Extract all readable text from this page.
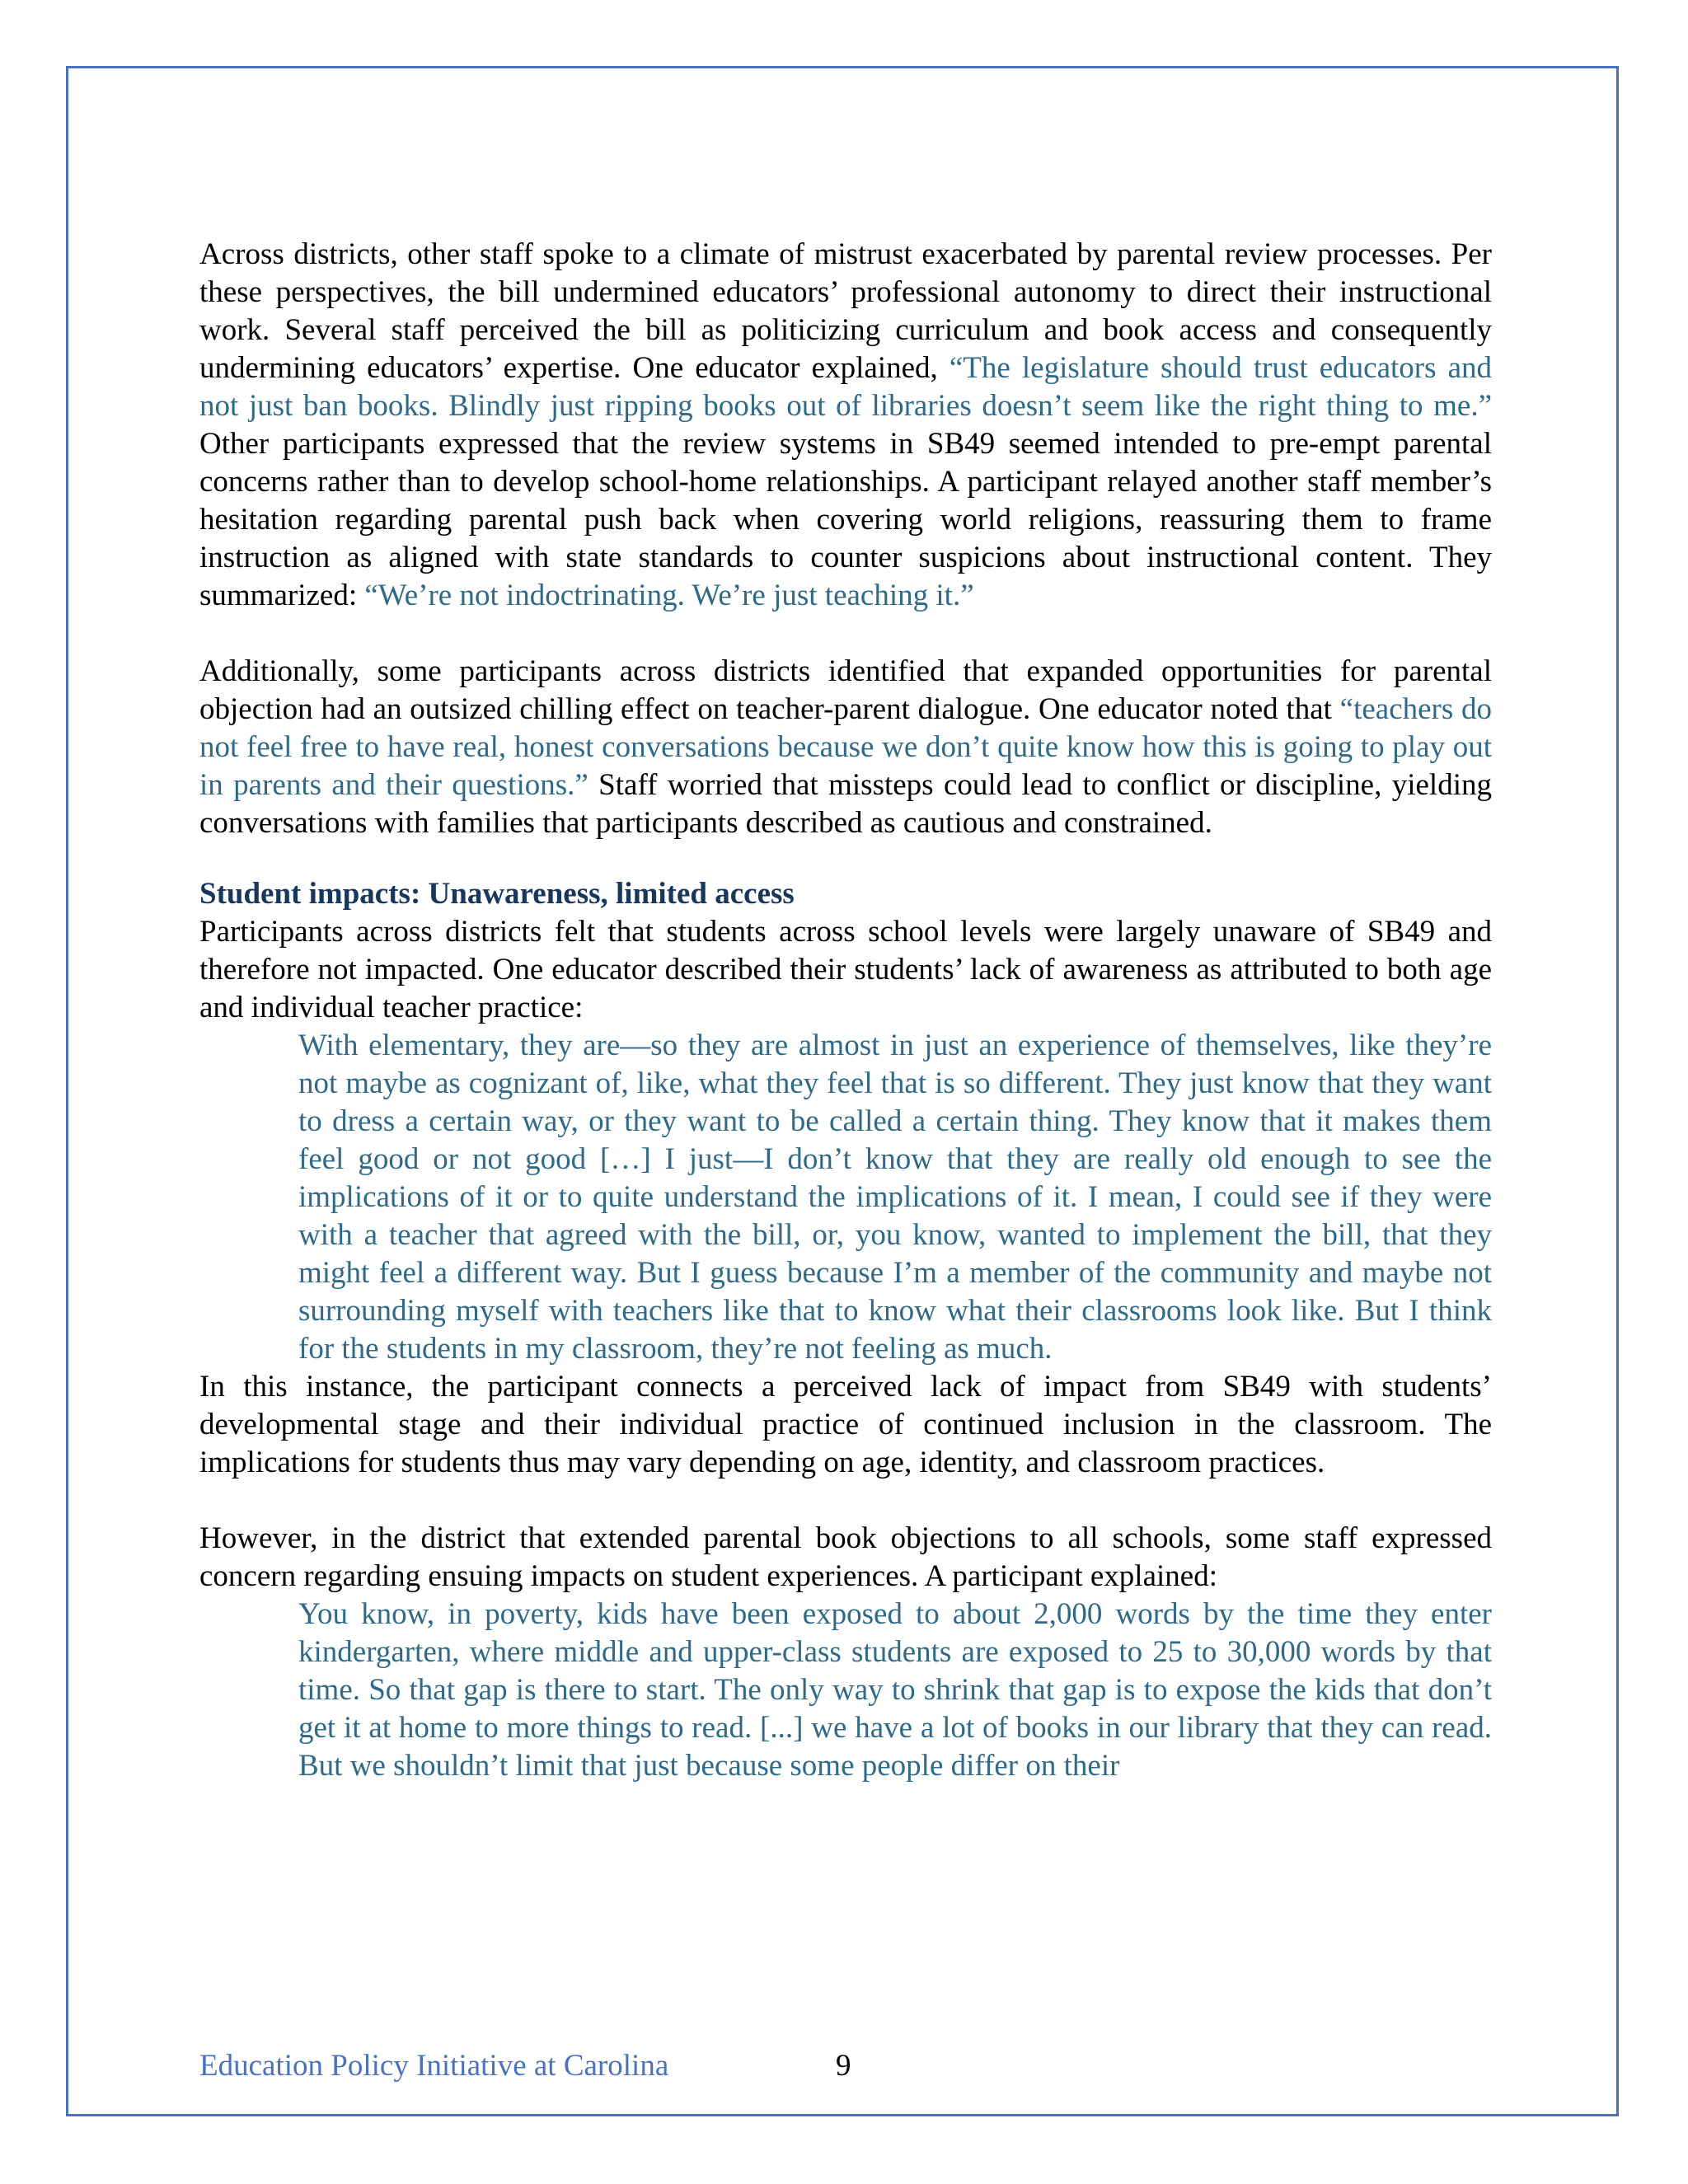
Across districts, other staff spoke to a climate of mistrust exacerbated by parental review processes. Per these perspectives, the bill undermined educators’ professional autonomy to direct their instructional work. Several staff perceived the bill as politicizing curriculum and book access and consequently undermining educators’ expertise. One educator explained, “The legislature should trust educators and not just ban books. Blindly just ripping books out of libraries doesn’t seem like the right thing to me.” Other participants expressed that the review systems in SB49 seemed intended to pre-empt parental concerns rather than to develop school-home relationships. A participant relayed another staff member’s hesitation regarding parental push back when covering world religions, reassuring them to frame instruction as aligned with state standards to counter suspicions about instructional content. They summarized: “We’re not indoctrinating. We’re just teaching it.”

Additionally, some participants across districts identified that expanded opportunities for parental objection had an outsized chilling effect on teacher-parent dialogue. One educator noted that “teachers do not feel free to have real, honest conversations because we don’t quite know how this is going to play out in parents and their questions.” Staff worried that missteps could lead to conflict or discipline, yielding conversations with families that participants described as cautious and constrained.

Student impacts: Unawareness, limited access

Participants across districts felt that students across school levels were largely unaware of SB49 and therefore not impacted. One educator described their students’ lack of awareness as attributed to both age and individual teacher practice:

With elementary, they are—so they are almost in just an experience of themselves, like they’re not maybe as cognizant of, like, what they feel that is so different. They just know that they want to dress a certain way, or they want to be called a certain thing. They know that it makes them feel good or not good […] I just—I don’t know that they are really old enough to see the implications of it or to quite understand the implications of it. I mean, I could see if they were with a teacher that agreed with the bill, or, you know, wanted to implement the bill, that they might feel a different way. But I guess because I’m a member of the community and maybe not surrounding myself with teachers like that to know what their classrooms look like. But I think for the students in my classroom, they’re not feeling as much.

In this instance, the participant connects a perceived lack of impact from SB49 with students’ developmental stage and their individual practice of continued inclusion in the classroom. The implications for students thus may vary depending on age, identity, and classroom practices.

However, in the district that extended parental book objections to all schools, some staff expressed concern regarding ensuing impacts on student experiences. A participant explained:

You know, in poverty, kids have been exposed to about 2,000 words by the time they enter kindergarten, where middle and upper-class students are exposed to 25 to 30,000 words by that time. So that gap is there to start. The only way to shrink that gap is to expose the kids that don’t get it at home to more things to read. [...] we have a lot of books in our library that they can read. But we shouldn’t limit that just because some people differ on their

Education Policy Initiative at Carolina	9
